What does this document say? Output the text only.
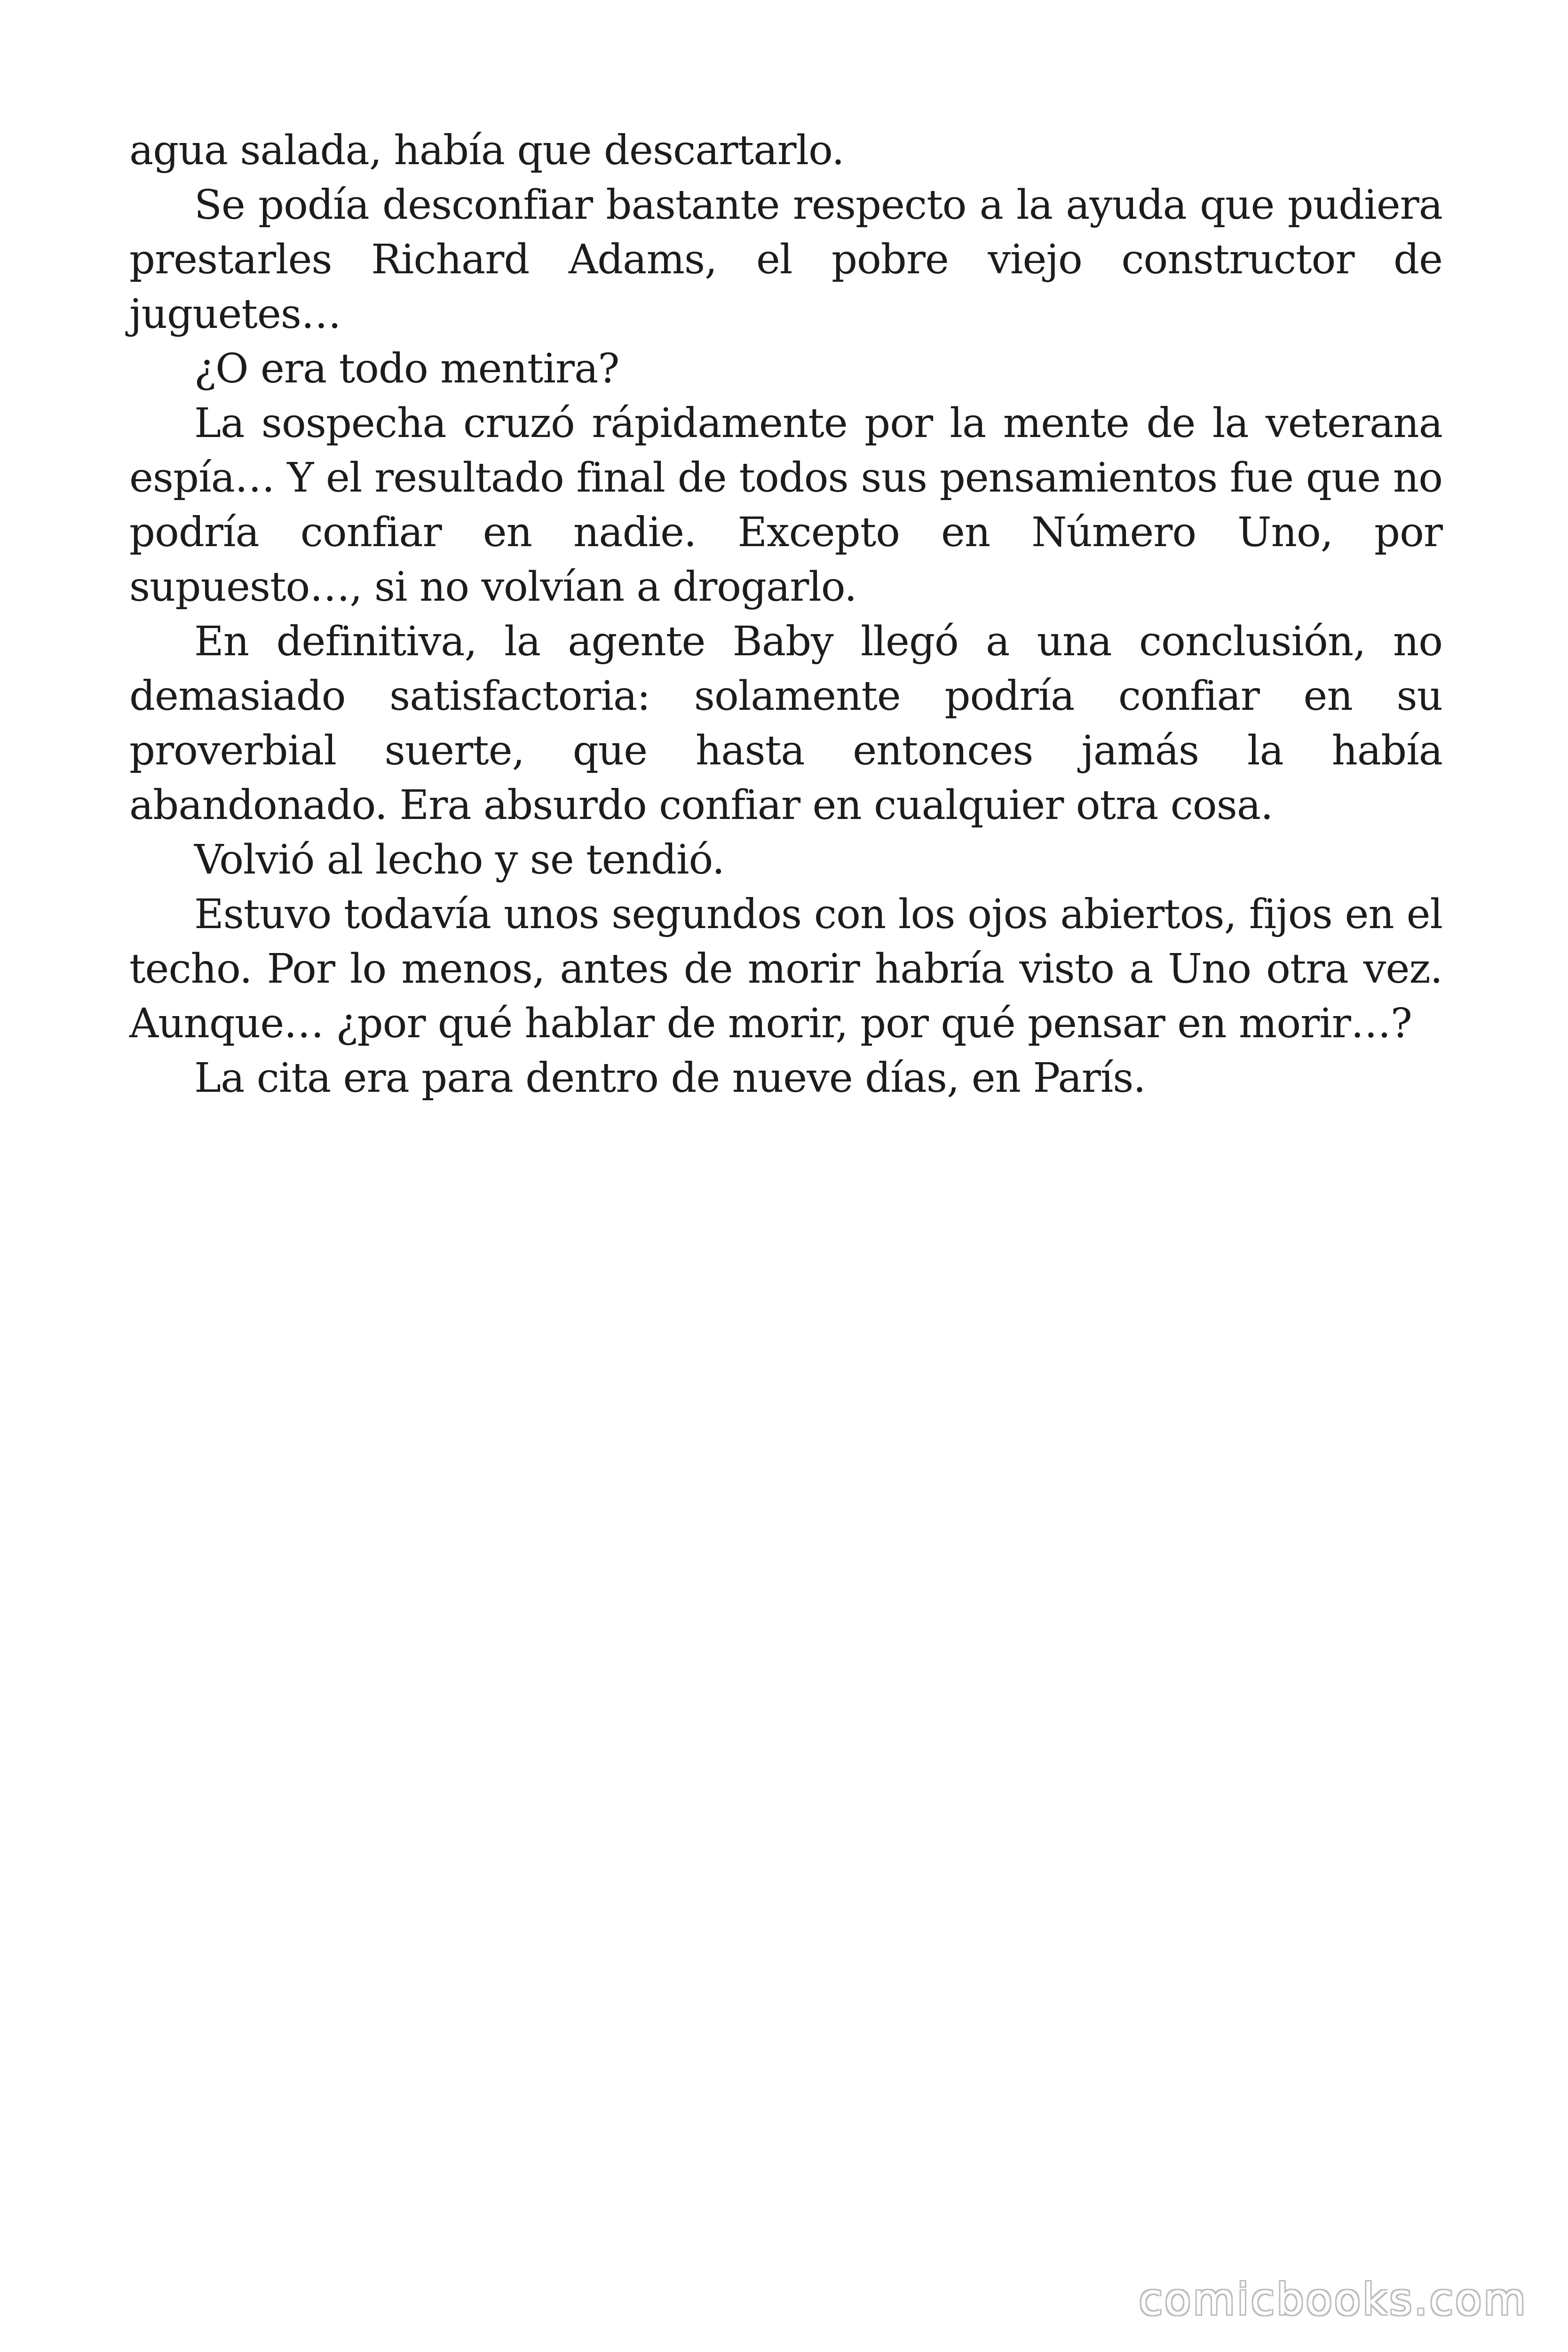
agua salada, había que descartarlo.

Se podía desconfiar bastante respecto a la ayuda que pudiera prestarles Richard Adams, el pobre viejo constructor de juguetes…

¿O era todo mentira?

La sospecha cruzó rápidamente por la mente de la veterana espía… Y el resultado final de todos sus pensamientos fue que no podría confiar en nadie. Excepto en Número Uno, por supuesto…, si no volvían a drogarlo.

En definitiva, la agente Baby llegó a una conclusión, no demasiado satisfactoria: solamente podría confiar en su proverbial suerte, que hasta entonces jamás la había abandonado. Era absurdo confiar en cualquier otra cosa.

Volvió al lecho y se tendió.

Estuvo todavía unos segundos con los ojos abiertos, fijos en el techo. Por lo menos, antes de morir habría visto a Uno otra vez. Aunque… ¿por qué hablar de morir, por qué pensar en morir…?

La cita era para dentro de nueve días, en París.

comicbooks.com
